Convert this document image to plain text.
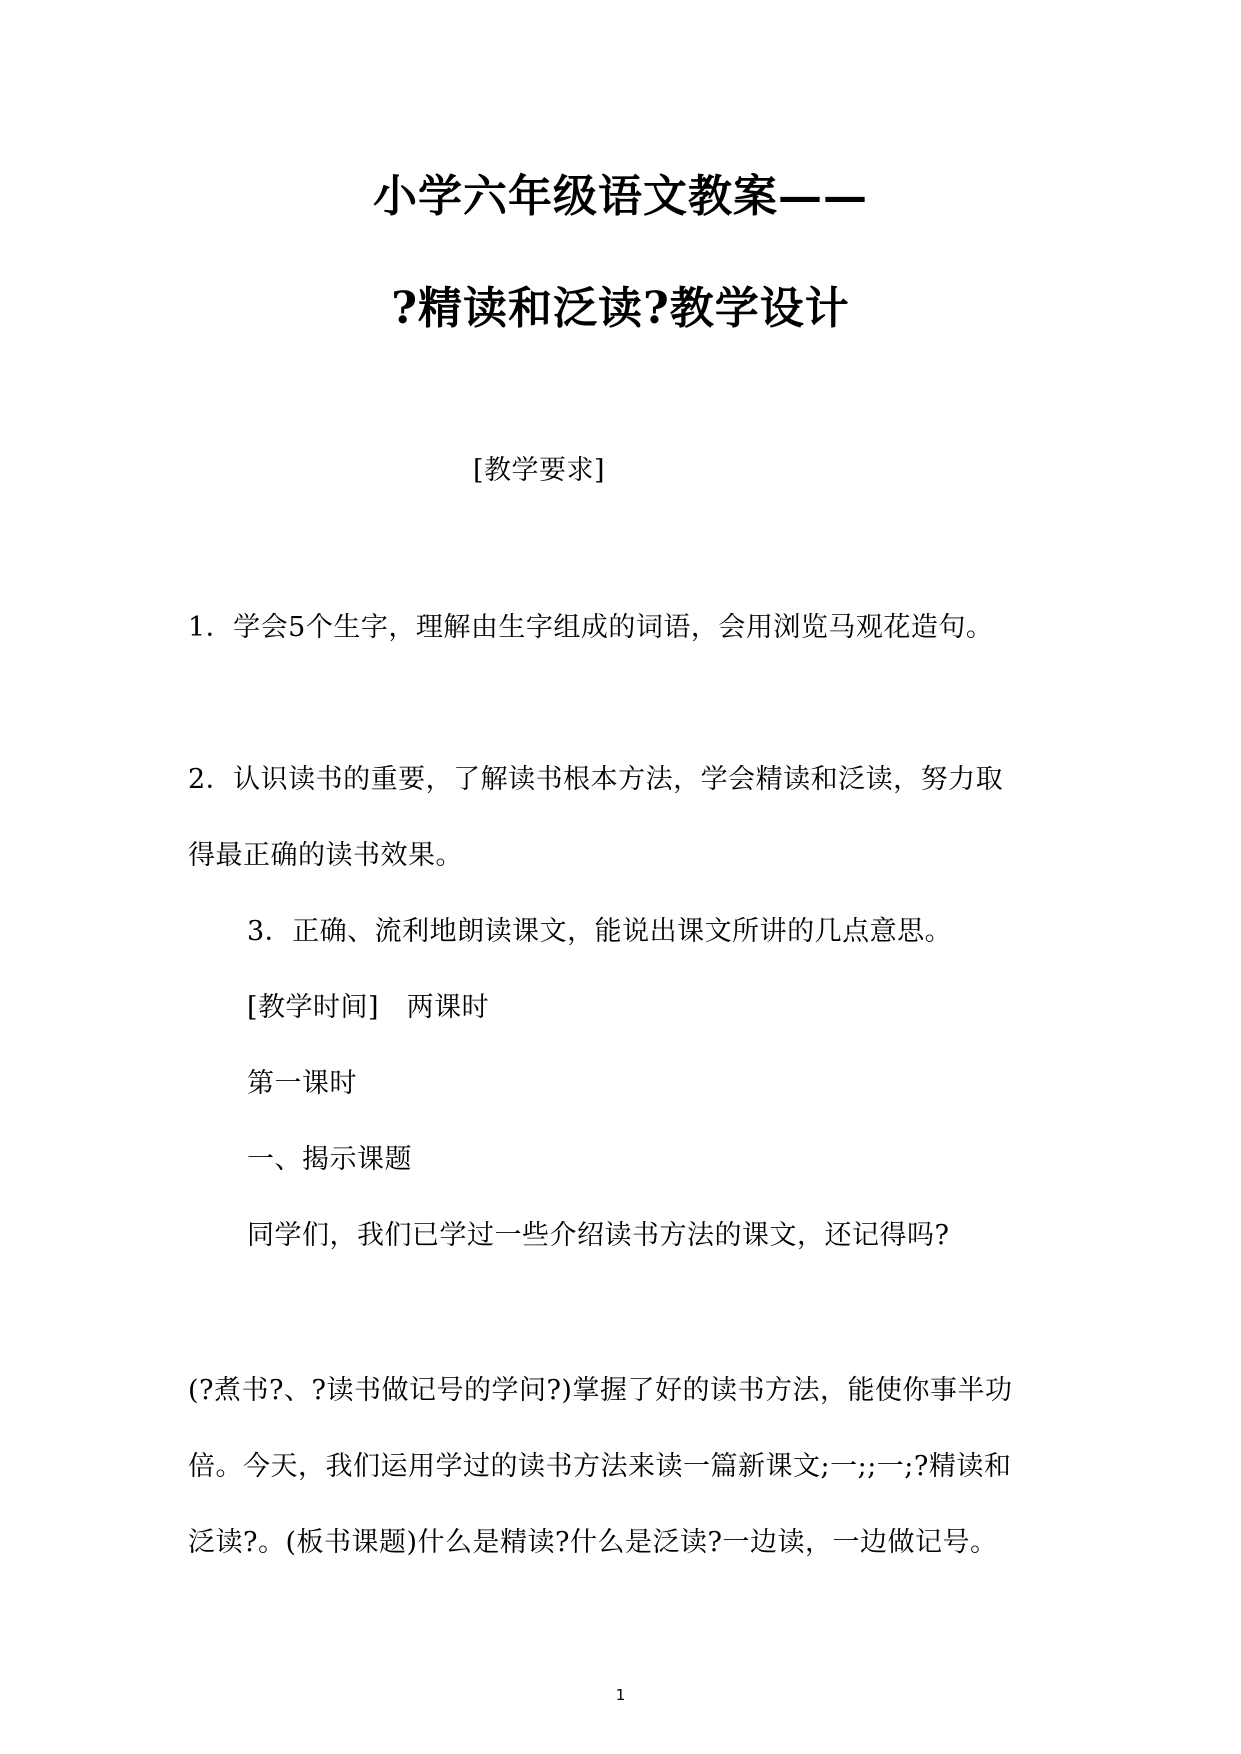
小学六年级语文教案——
?精读和泛读?教学设计
[教学要求]
1．学会5个生字，理解由生字组成的词语，会用浏览马观花造句。
2．认识读书的重要，了解读书根本方法，学会精读和泛读，努力取
得最正确的读书效果。
3．正确、流利地朗读课文，能说出课文所讲的几点意思。
[教学时间]　两课时
第一课时
一、揭示课题
同学们，我们已学过一些介绍读书方法的课文，还记得吗?
(?煮书?、?读书做记号的学问?)掌握了好的读书方法，能使你事半功
倍。今天，我们运用学过的读书方法来读一篇新课文;一;;一;?精读和
泛读?。(板书课题)什么是精读?什么是泛读?一边读，一边做记号。
1
